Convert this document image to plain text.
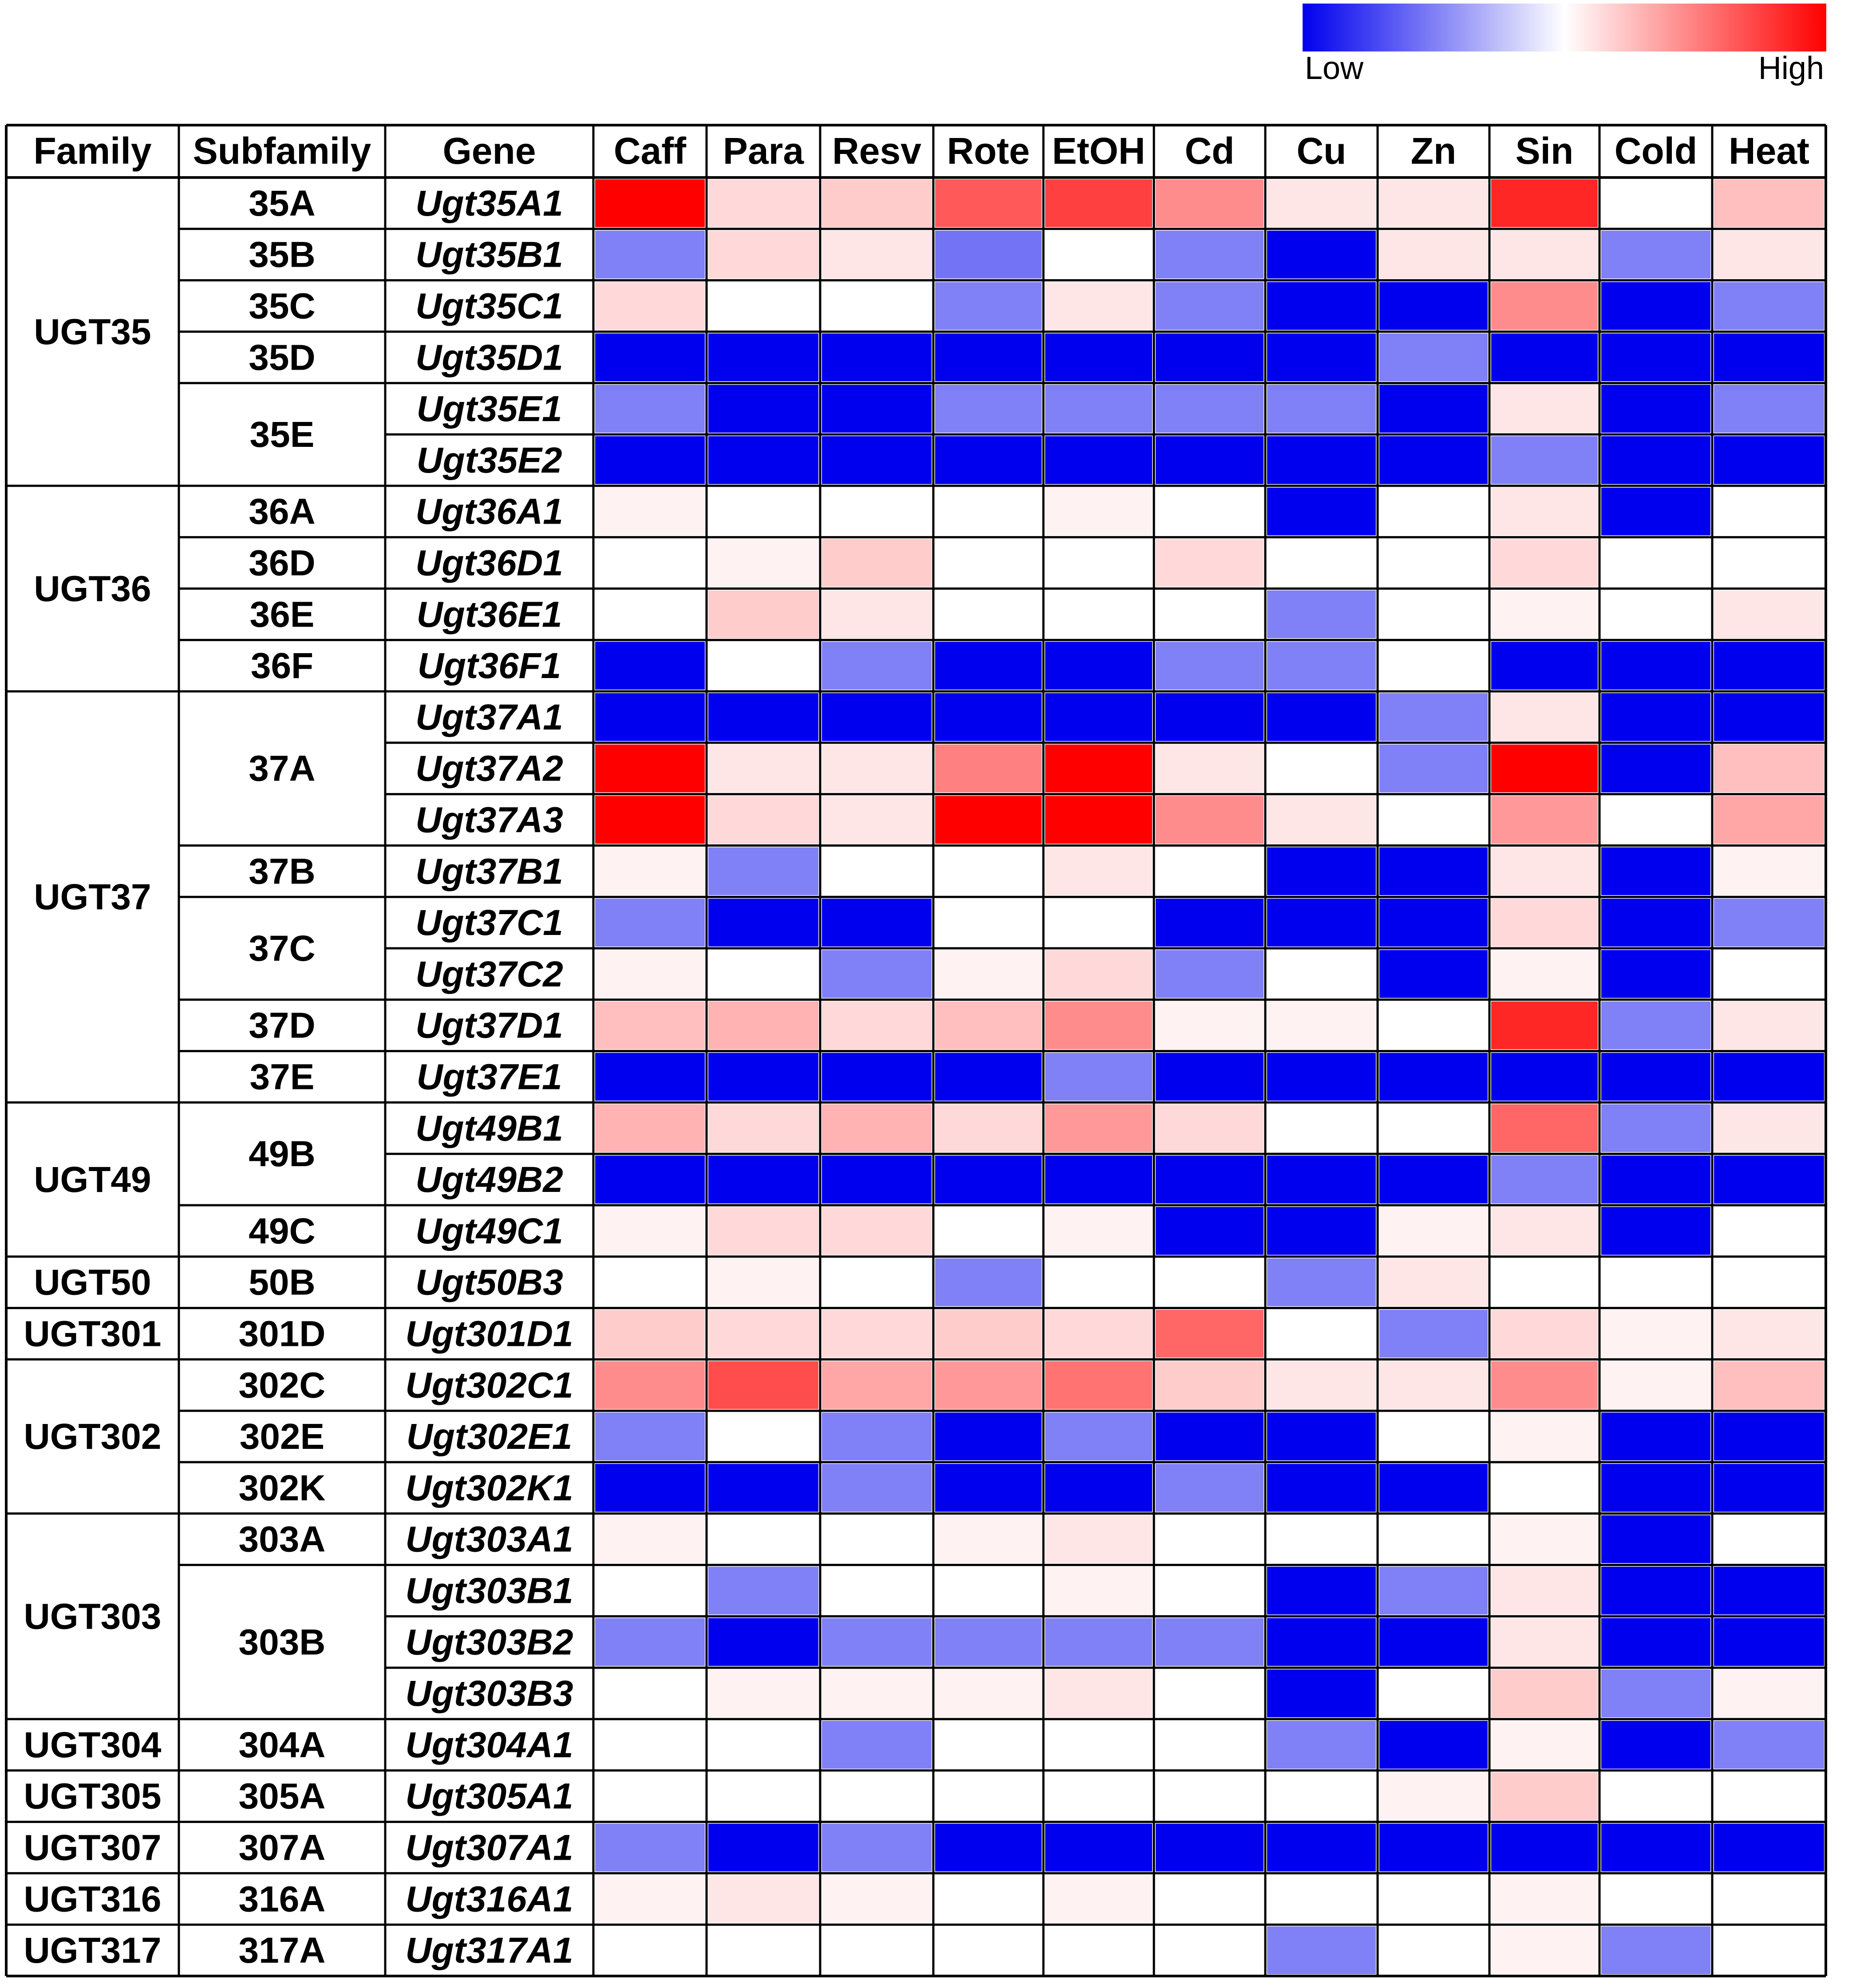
Low	High
Family Subfamily Gene Caff Para Resv Rote EtOH Cd Cu Zn Sin Cold Heat
UGT35
UGT36
UGT37
UGT49
UGT50
UGT301
UGT302
UGT303
UGT304
UGT305
UGT307
UGT316
UGT317
35A
35B
35C
35D
35E
36A
36D
36E
36F
37A
37B
37C
37D
37E
49B
49C
50B
301D
302C
302E
302K
303A
303B
304A
305A
307A
316A
317A
Ugt35A1
Ugt35B1
Ugt35C1
Ugt35D1
Ugt35E1
Ugt35E2
Ugt36A1
Ugt36D1
Ugt36E1
Ugt36F1
Ugt37A1
Ugt37A2
Ugt37A3
Ugt37B1
Ugt37C1
Ugt37C2
Ugt37D1
Ugt37E1
Ugt49B1
Ugt49B2
Ugt49C1
Ugt50B3
Ugt301D1
Ugt302C1
Ugt302E1
Ugt302K1
Ugt303A1
Ugt303B1
Ugt303B2
Ugt303B3
Ugt304A1
Ugt305A1
Ugt307A1
Ugt316A1
Ugt317A1
